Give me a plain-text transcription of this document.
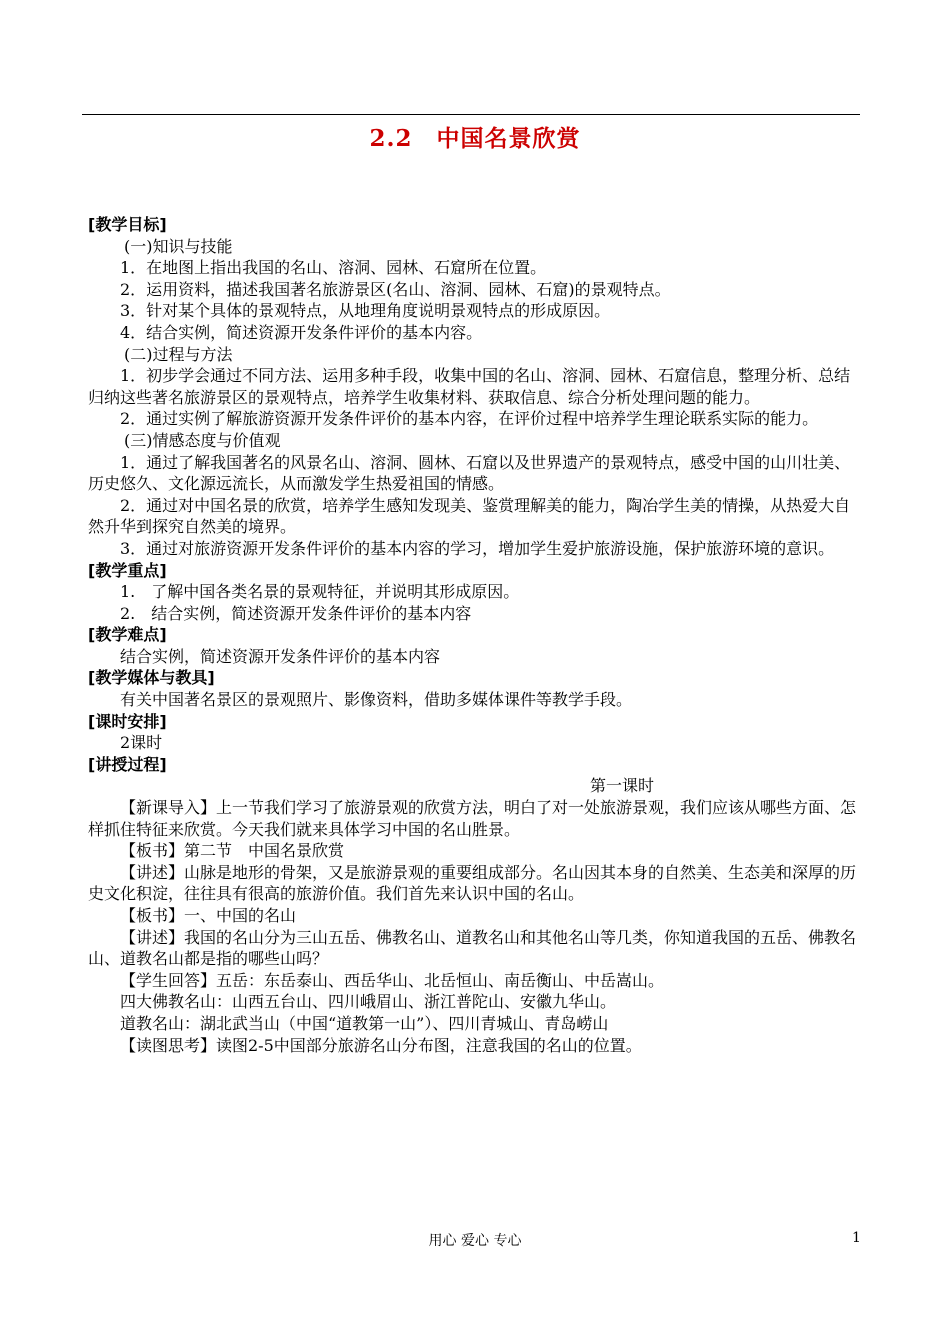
2.2　中国名景欣赏

[教学目标]

(一)知识与技能

1．在地图上指出我国的名山、溶洞、园林、石窟所在位置。

2．运用资料，描述我国著名旅游景区(名山、溶洞、园林、石窟)的景观特点。

3．针对某个具体的景观特点，从地理角度说明景观特点的形成原因。

4．结合实例，简述资源开发条件评价的基本内容。

(二)过程与方法

1．初步学会通过不同方法、运用多种手段，收集中国的名山、溶洞、园林、石窟信息，整理分析、总结归纳这些著名旅游景区的景观特点，培养学生收集材料、获取信息、综合分析处理问题的能力。

2．通过实例了解旅游资源开发条件评价的基本内容，在评价过程中培养学生理论联系实际的能力。

(三)情感态度与价值观

1．通过了解我国著名的风景名山、溶洞、圆林、石窟以及世界遗产的景观特点，感受中国的山川壮美、历史悠久、文化源远流长，从而激发学生热爱祖国的情感。

2．通过对中国名景的欣赏，培养学生感知发现美、鉴赏理解美的能力，陶冶学生美的情操，从热爱大自然升华到探究自然美的境界。

3．通过对旅游资源开发条件评价的基本内容的学习，增加学生爱护旅游设施，保护旅游环境的意识。

[教学重点]

1.　了解中国各类名景的景观特征，并说明其形成原因。

2.　结合实例，简述资源开发条件评价的基本内容

[教学难点]

结合实例，简述资源开发条件评价的基本内容

[教学媒体与教具]

有关中国著名景区的景观照片、影像资料，借助多媒体课件等教学手段。

[课时安排]

2课时

[讲授过程]

第一课时

【新课导入】上一节我们学习了旅游景观的欣赏方法，明白了对一处旅游景观，我们应该从哪些方面、怎样抓住特征来欣赏。今天我们就来具体学习中国的名山胜景。

【板书】第二节　中国名景欣赏

【讲述】山脉是地形的骨架，又是旅游景观的重要组成部分。名山因其本身的自然美、生态美和深厚的历史文化积淀，往往具有很高的旅游价值。我们首先来认识中国的名山。

【板书】一、中国的名山

【讲述】我国的名山分为三山五岳、佛教名山、道教名山和其他名山等几类，你知道我国的五岳、佛教名山、道教名山都是指的哪些山吗？

【学生回答】五岳：东岳泰山、西岳华山、北岳恒山、南岳衡山、中岳嵩山。

四大佛教名山：山西五台山、四川峨眉山、浙江普陀山、安徽九华山。

道教名山：湖北武当山（中国“道教第一山”）、四川青城山、青岛崂山

【读图思考】读图2-5中国部分旅游名山分布图，注意我国的名山的位置。

用心 爱心 专心	1
